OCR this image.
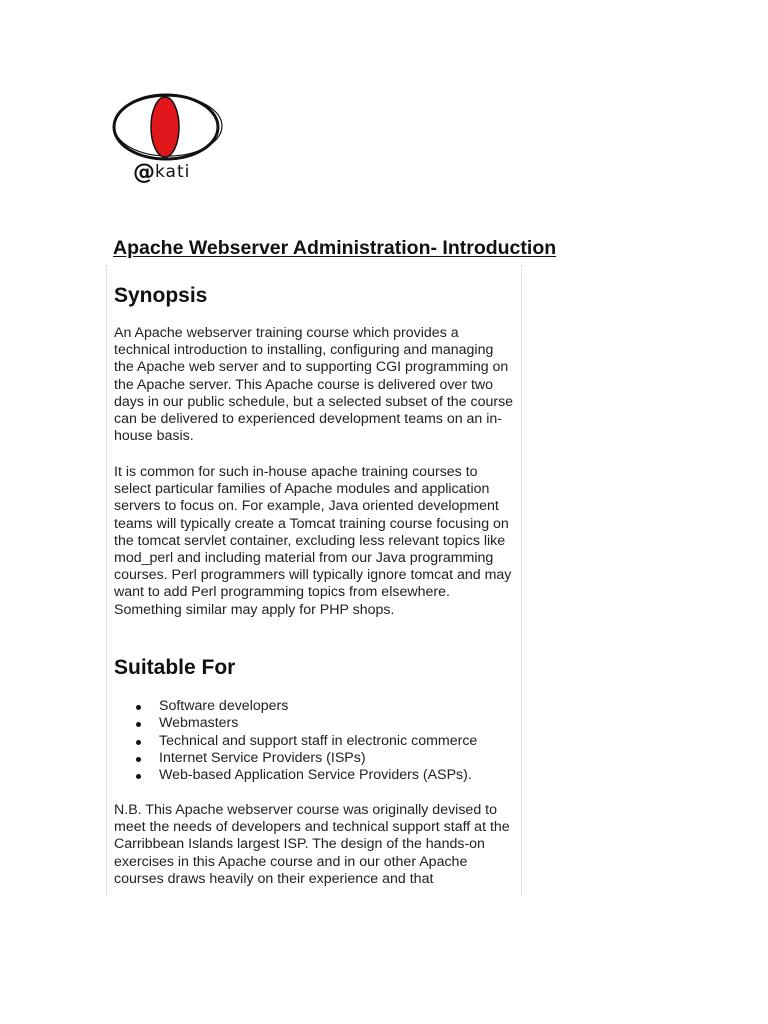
@kati
Apache Webserver Administration- Introduction
Synopsis

An Apache webserver training course which provides a technical introduction to installing, configuring and managing the Apache web server and to supporting CGI programming on the Apache server. This Apache course is delivered over two days in our public schedule, but a selected subset of the course can be delivered to experienced development teams on an in-house basis.

It is common for such in-house apache training courses to select particular families of Apache modules and application servers to focus on. For example, Java oriented development teams will typically create a Tomcat training course focusing on the tomcat servlet container, excluding less relevant topics like mod_perl and including material from our Java programming courses. Perl programmers will typically ignore tomcat and may want to add Perl programming topics from elsewhere. Something similar may apply for PHP shops.

Suitable For
Software developers
Webmasters
Technical and support staff in electronic commerce
Internet Service Providers (ISPs)
Web-based Application Service Providers (ASPs).

N.B. This Apache webserver course was originally devised to meet the needs of developers and technical support staff at the Carribbean Islands largest ISP. The design of the hands-on exercises in this Apache course and in our other Apache courses draws heavily on their experience and that
